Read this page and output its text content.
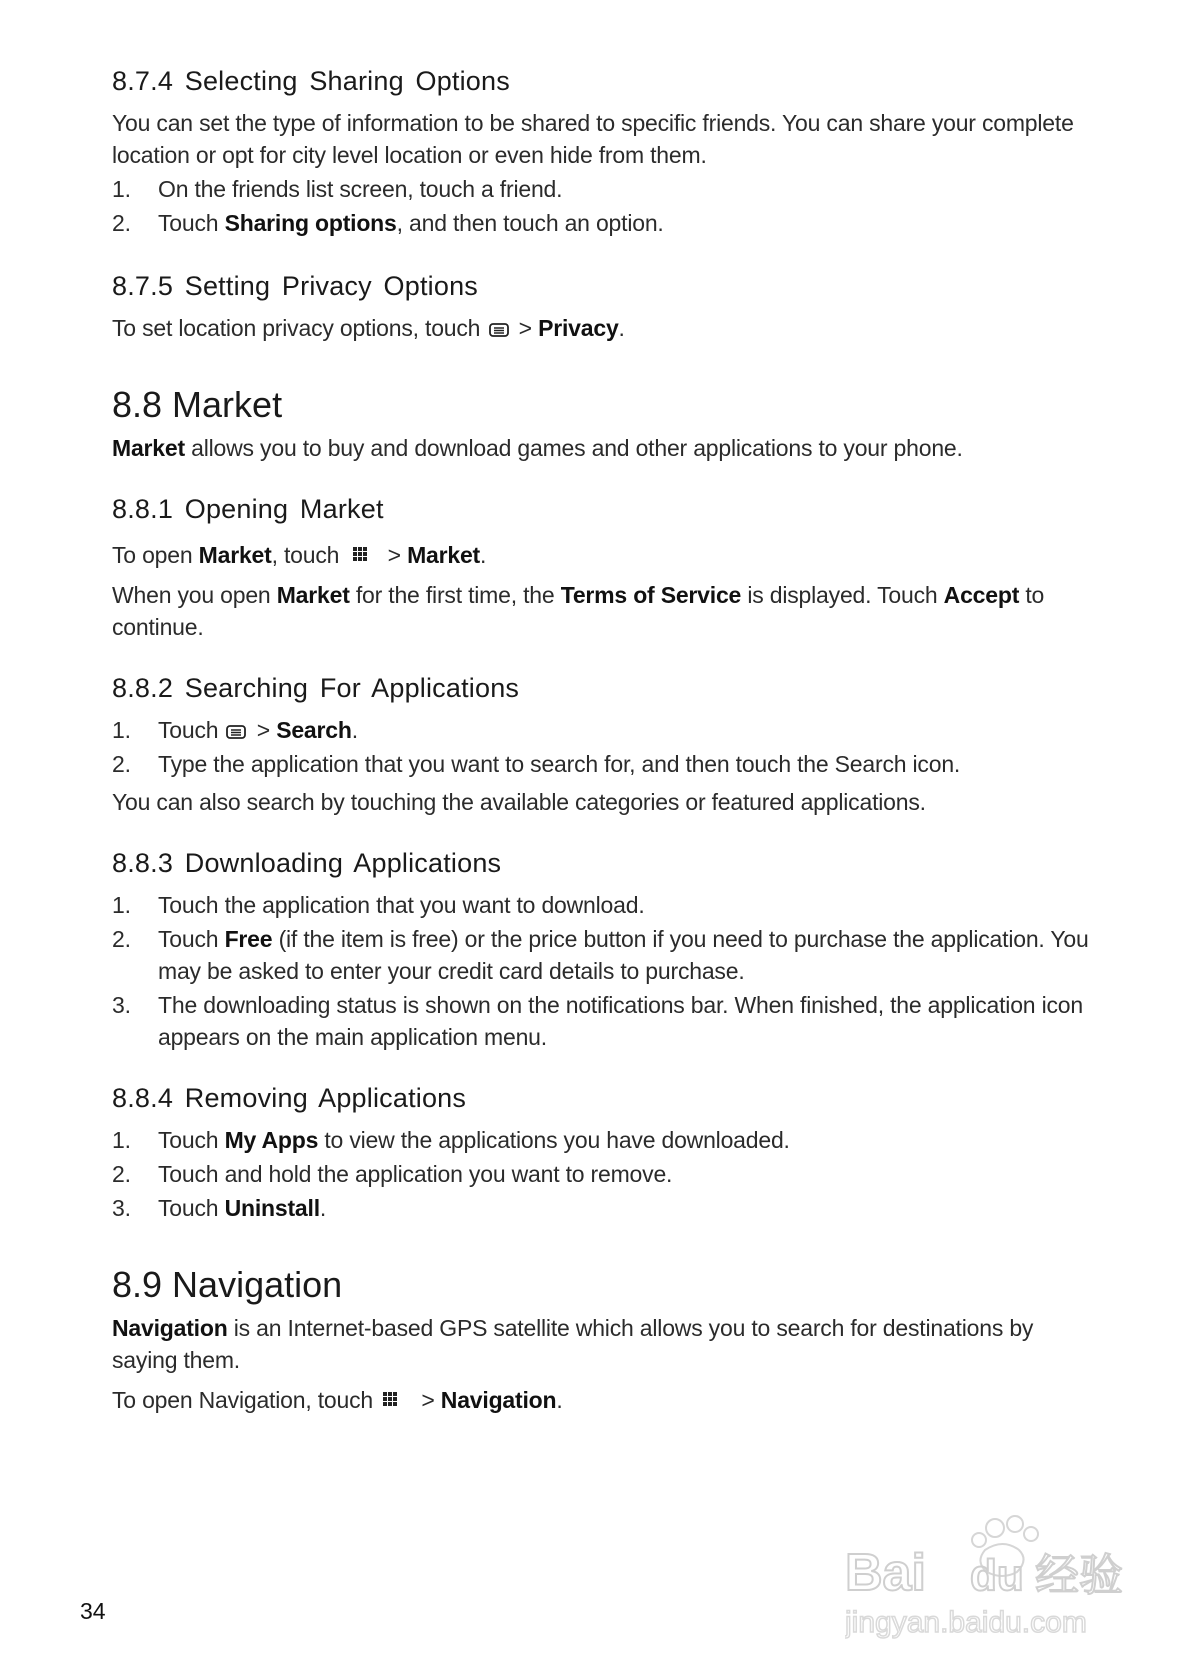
8.7.4 Selecting Sharing Options

You can set the type of information to be shared to specific friends. You can share your complete location or opt for city level location or even hide from them.

1.	On the friends list screen, touch a friend.
2.	Touch Sharing options, and then touch an option.
8.7.5 Setting Privacy Options

To set location privacy options, touch  > Privacy.

8.8 Market

Market allows you to buy and download games and other applications to your phone.

8.8.1 Opening Market

To open Market, touch  > Market.

When you open Market for the first time, the Terms of Service is displayed. Touch Accept to continue.

8.8.2 Searching For Applications
1.	Touch  > Search.
2.	Type the application that you want to search for, and then touch the Search icon.

You can also search by touching the available categories or featured applications.

8.8.3 Downloading Applications
1.	Touch the application that you want to download.
2.	Touch Free (if the item is free) or the price button if you need to purchase the application. You may be asked to enter your credit card details to purchase.
3.	The downloading status is shown on the notifications bar. When finished, the application icon appears on the main application menu.
8.8.4 Removing Applications
1.	Touch My Apps to view the applications you have downloaded.
2.	Touch and hold the application you want to remove.
3.	Touch Uninstall.
8.9 Navigation

Navigation is an Internet-based GPS satellite which allows you to search for destinations by saying them.

To open Navigation, touch  > Navigation.

34
Bai du 经验
jingyan.baidu.com
